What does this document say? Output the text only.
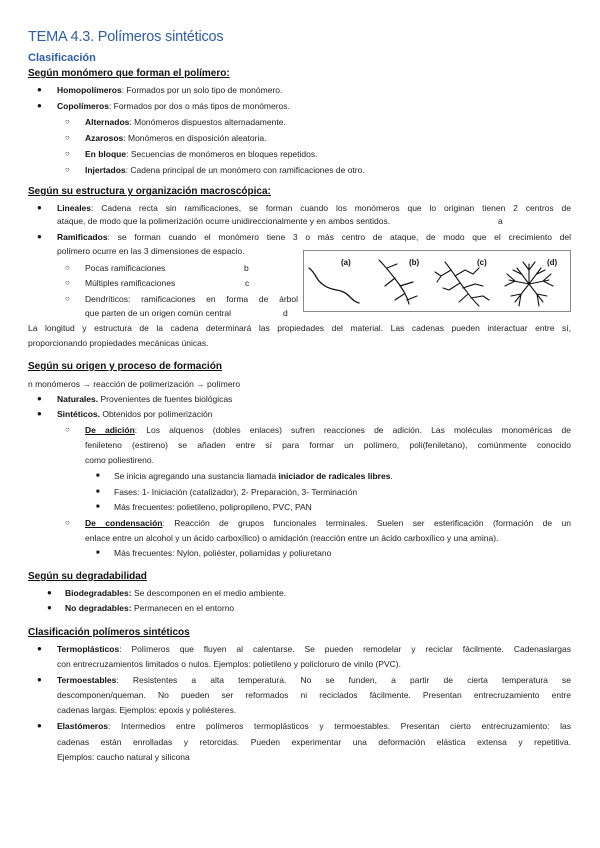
TEMA 4.3. Polímeros sintéticos
Clasificación

Según monómero que forman el polímero:

● Homopolímeros: Formados por un solo tipo de monómero.

● Copolímeros: Formados por dos o más tipos de monómeros.

○ Alternados: Monómeros dispuestos alternadamente.

○ Azarosos: Monómeros en disposición aleatoria.

○ En bloque: Secuencias de monómeros en bloques repetidos.

○ Injertados: Cadena principal de un monómero con ramificaciones de otro.

Según su estructura y organización macroscópica:

● Lineales: Cadena recta sin ramificaciones, se forman cuando los monómeros que lo originan tienen 2 centros de

ataque, de modo que la polimerización ocurre unidireccionalmente y en ambos sentidos.	a

● Ramificados: se forman cuando el monómero tiene 3 o más centro de ataque, de modo que el crecimiento del

polímero ocurre en las 3 dimensiones de espacio.

○ Pocas ramificaciones	b

○ Múltiples ramificaciones	c

○ Dendríticos: ramificaciones en forma de árbol

que parten de un origen común central	d

(a)	(b)	(c)	(d)

La longitud y estructura de la cadena determinará las propiedades del material. Las cadenas pueden interactuar entre sí,

proporcionando propiedades mecánicas únicas.

Según su origen y proceso de formación

n monómeros → reacción de polimerización → polímero

● Naturales. Provenientes de fuentes biológicas

● Sintéticos. Obtenidos por polimerización

○ De adición: Los alquenos (dobles enlaces) sufren reacciones de adición. Las moléculas monoméricas de

fenileteno (estireno) se añaden entre sí para formar un polímero, poli(feniletano), comúnmente conocido

como poliestireno.

■ Se inicia agregando una sustancia llamada iniciador de radicales libres.

■ Fases: 1- Iniciación (catalizador), 2- Preparación, 3- Terminación

■ Más frecuentes: polietileno, polipropileno, PVC, PAN

○ De condensación: Reacción de grupos funcionales terminales. Suelen ser esterificación (formación de un

enlace entre un alcohol y un ácido carboxílico) o amidación (reacción entre un ácido carboxílico y una amina).

■ Más frecuentes: Nylon, poliéster, poliamidas y poliuretano

Según su degradabilidad

● Biodegradables: Se descomponen en el medio ambiente.

● No degradables: Permanecen en el entorno

Clasificación polímeros sintéticos

● Termoplásticos: Polímeros que fluyen al calentarse. Se pueden remodelar y reciclar fácilmente. Cadenaslargas

con entrecruzamientos limitados o nulos. Ejemplos: polietileno y policloruro de vinilo (PVC).

● Termoestables: Resistentes a alta temperatura. No se funden, a partir de cierta temperatura se

descomponen/queman. No pueden ser reformados ni reciclados fácilmente. Presentan entrecruzamiento entre

cadenas largas. Ejemplos: epoxis y poliésteres.

● Elastómeros: Intermedios entre polímeros termoplásticos y termoestables. Presentan cierto entrecruzamiento: las

cadenas están enrolladas y retorcidas. Pueden experimentar una deformación elástica extensa y repetitiva.

Ejemplos: caucho natural y silicona
